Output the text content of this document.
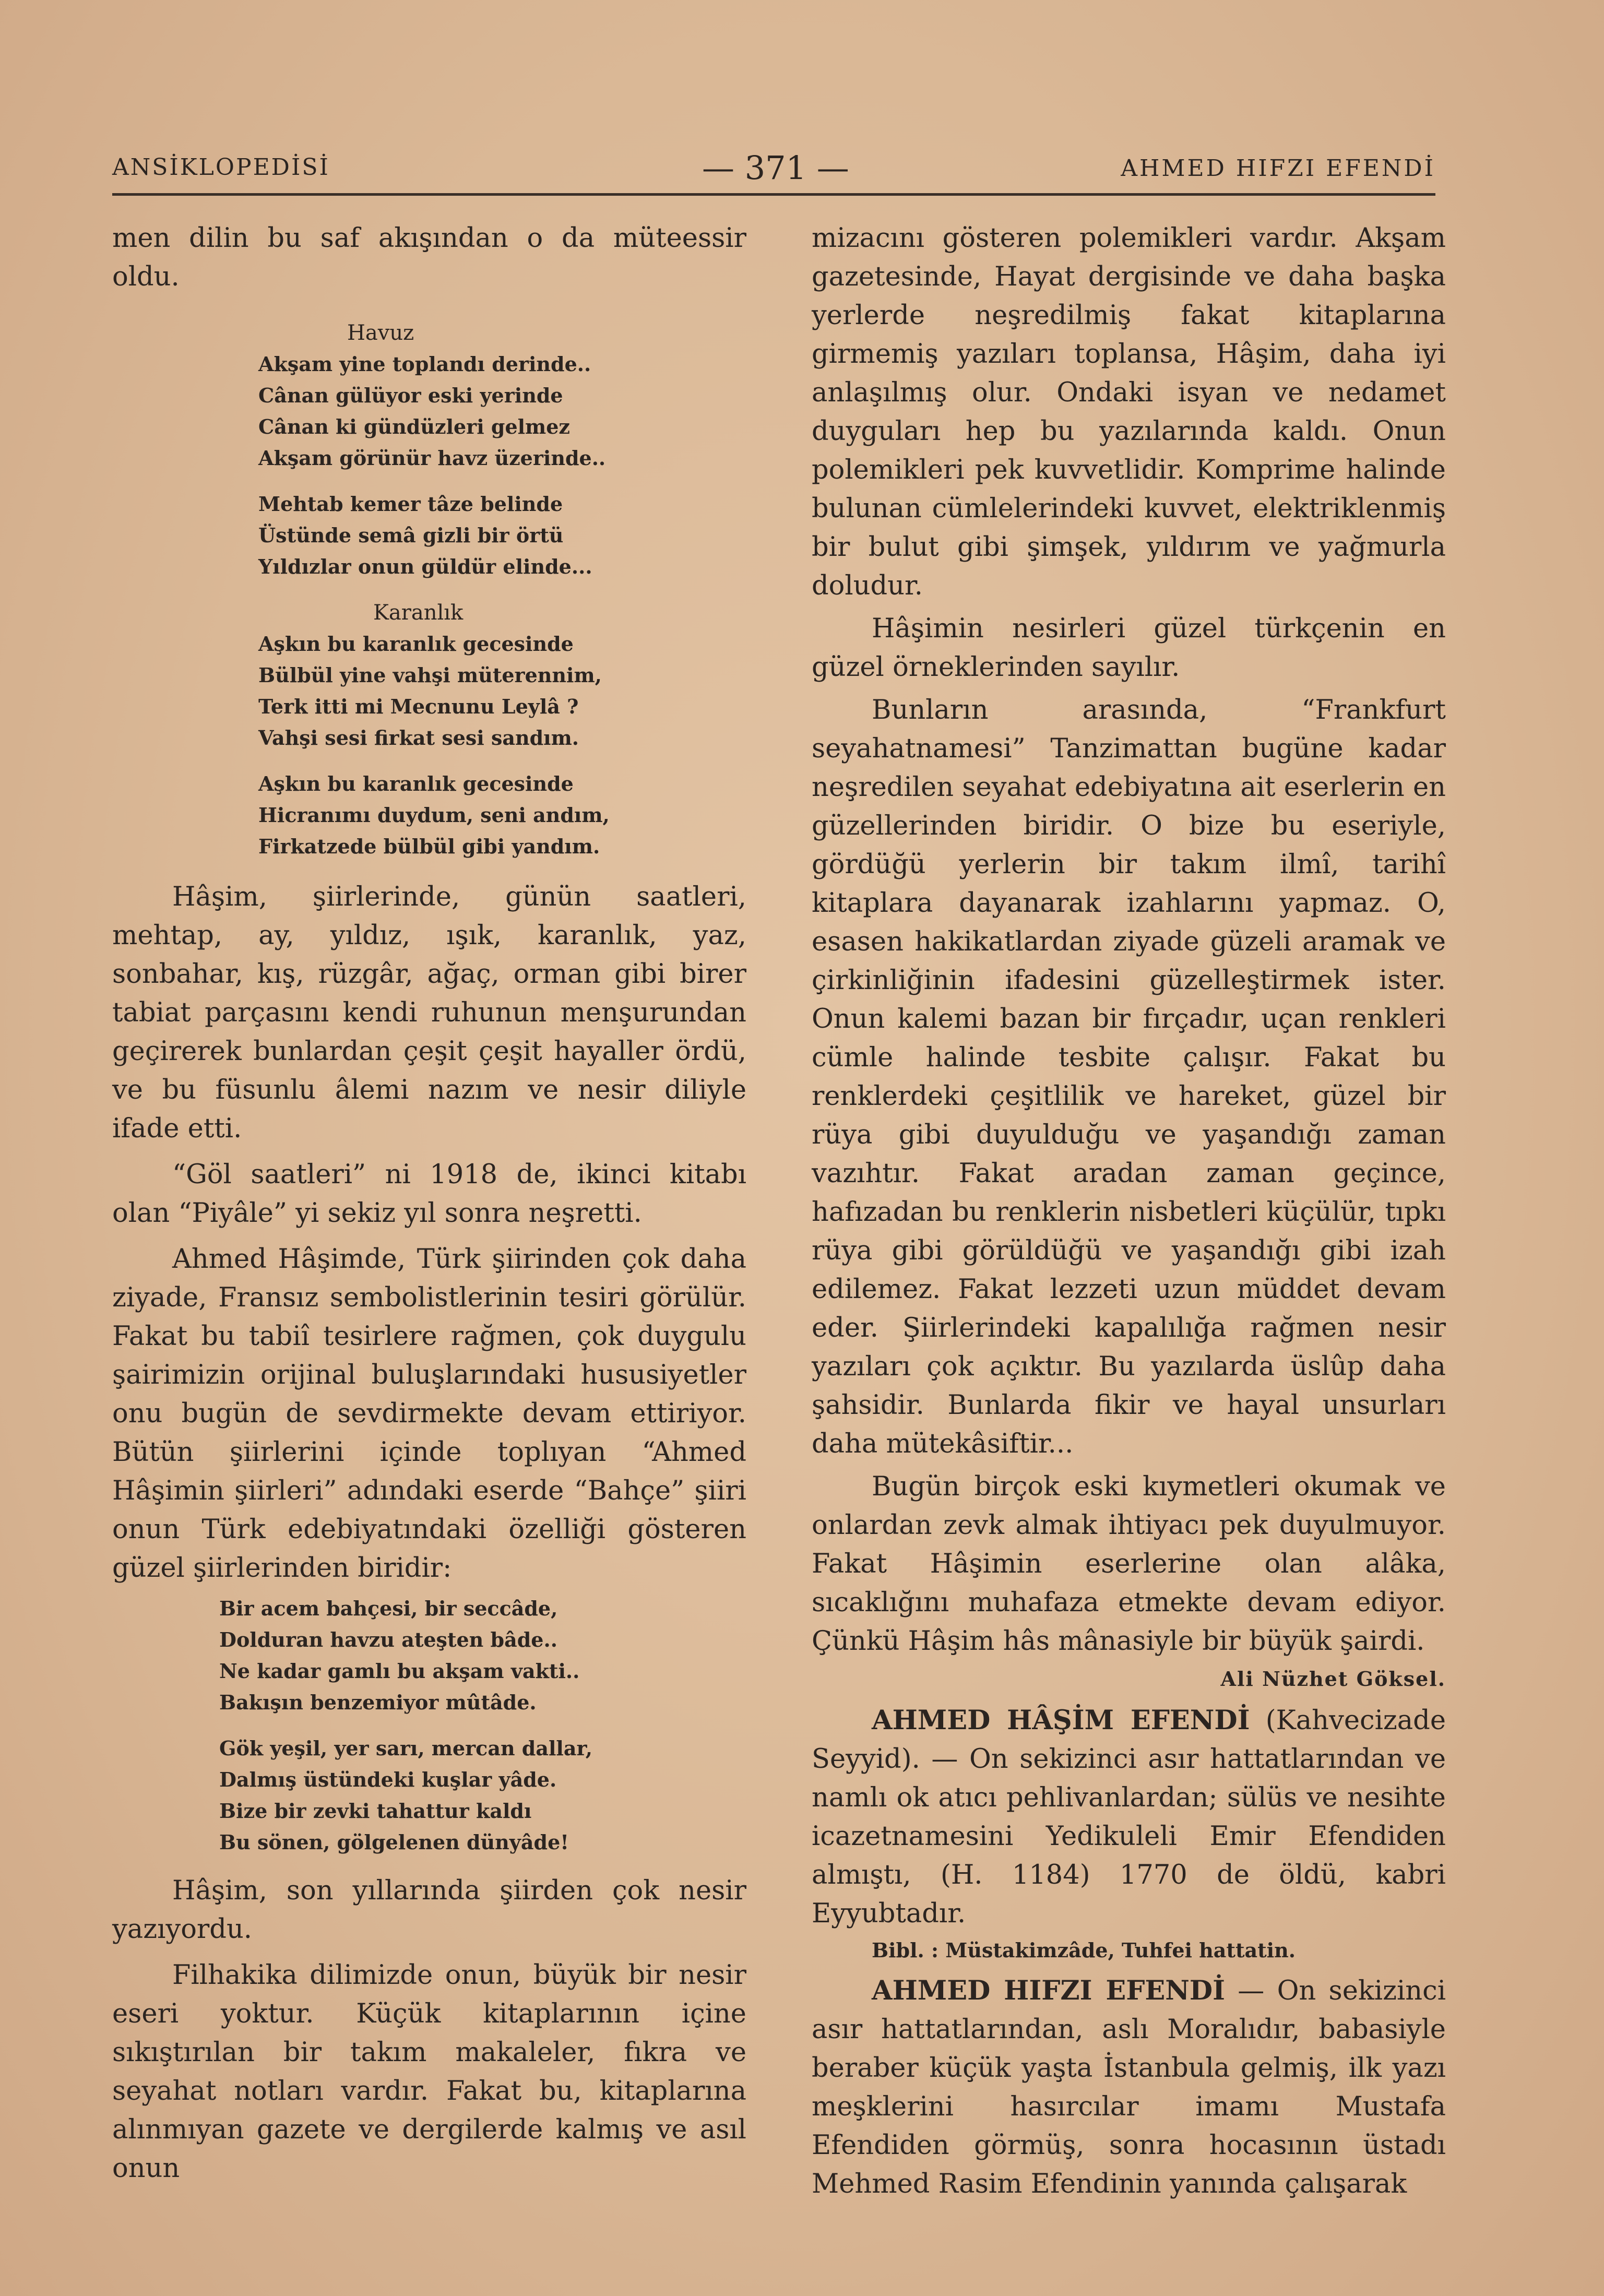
ANSİKLOPEDİSİ	— 371 —	AHMED HIFZI EFENDİ

men dilin bu saf akışından o da müteessir oldu.

Havuz
Akşam yine toplandı derinde..
Cânan gülüyor eski yerinde
Cânan ki gündüzleri gelmez
Akşam görünür havz üzerinde..
Mehtab kemer tâze belinde
Üstünde semâ gizli bir örtü
Yıldızlar onun güldür elinde...
Karanlık
Aşkın bu karanlık gecesinde
Bülbül yine vahşi müterennim,
Terk itti mi Mecnunu Leylâ ?
Vahşi sesi firkat sesi sandım.
Aşkın bu karanlık gecesinde
Hicranımı duydum, seni andım,
Firkatzede bülbül gibi yandım.

Hâşim, şiirlerinde, günün saatleri, mehtap, ay, yıldız, ışık, karanlık, yaz, sonbahar, kış, rüzgâr, ağaç, orman gibi birer tabiat parçasını kendi ruhunun menşurundan geçirerek bunlardan çeşit çeşit hayaller ördü, ve bu füsunlu âlemi nazım ve nesir diliyle ifade etti.

“Göl saatleri” ni 1918 de, ikinci kitabı olan “Piyâle” yi sekiz yıl sonra neşretti.

Ahmed Hâşimde, Türk şiirinden çok daha ziyade, Fransız sembolistlerinin tesiri görülür. Fakat bu tabiî tesirlere rağmen, çok duygulu şairimizin orijinal buluşlarındaki hususiyetler onu bugün de sevdirmekte devam ettiriyor. Bütün şiirlerini içinde toplıyan “Ahmed Hâşimin şiirleri” adındaki eserde “Bahçe” şiiri onun Türk edebiyatındaki özelliği gösteren güzel şiirlerinden biridir:

Bir acem bahçesi, bir seccâde,
Dolduran havzu ateşten bâde..
Ne kadar gamlı bu akşam vakti..
Bakışın benzemiyor mûtâde.
Gök yeşil, yer sarı, mercan dallar,
Dalmış üstündeki kuşlar yâde.
Bize bir zevki tahattur kaldı
Bu sönen, gölgelenen dünyâde!

Hâşim, son yıllarında şiirden çok nesir yazıyordu.

Filhakika dilimizde onun, büyük bir nesir eseri yoktur. Küçük kitaplarının içine sıkıştırılan bir takım makaleler, fıkra ve seyahat notları vardır. Fakat bu, kitaplarına alınmıyan gazete ve dergilerde kalmış ve asıl onun

mizacını gösteren polemikleri vardır. Akşam gazetesinde, Hayat dergisinde ve daha başka yerlerde neşredilmiş fakat kitaplarına girmemiş yazıları toplansa, Hâşim, daha iyi anlaşılmış olur. Ondaki isyan ve nedamet duyguları hep bu yazılarında kaldı. Onun polemikleri pek kuvvetlidir. Komprime halinde bulunan cümlelerindeki kuvvet, elektriklenmiş bir bulut gibi şimşek, yıldırım ve yağmurla doludur.

Hâşimin nesirleri güzel türkçenin en güzel örneklerinden sayılır.

Bunların arasında, “Frankfurt seyahatnamesi” Tanzimattan bugüne kadar neşredilen seyahat edebiyatına ait eserlerin en güzellerinden biridir. O bize bu eseriyle, gördüğü yerlerin bir takım ilmî, tarihî kitaplara dayanarak izahlarını yapmaz. O, esasen hakikatlardan ziyade güzeli aramak ve çirkinliğinin ifadesini güzelleştirmek ister. Onun kalemi bazan bir fırçadır, uçan renkleri cümle halinde tesbite çalışır. Fakat bu renklerdeki çeşitlilik ve hareket, güzel bir rüya gibi duyulduğu ve yaşandığı zaman vazıhtır. Fakat aradan zaman geçince, hafızadan bu renklerin nisbetleri küçülür, tıpkı rüya gibi görüldüğü ve yaşandığı gibi izah edilemez. Fakat lezzeti uzun müddet devam eder. Şiirlerindeki kapalılığa rağmen nesir yazıları çok açıktır. Bu yazılarda üslûp daha şahsidir. Bunlarda fikir ve hayal unsurları daha mütekâsiftir...

Bugün birçok eski kıymetleri okumak ve onlardan zevk almak ihtiyacı pek duyulmuyor. Fakat Hâşimin eserlerine olan alâka, sıcaklığını muhafaza etmekte devam ediyor. Çünkü Hâşim hâs mânasiyle bir büyük şairdi.

Ali Nüzhet Göksel.

AHMED HÂŞİM EFENDİ (Kahvecizade Seyyid). — On sekizinci asır hattatlarından ve namlı ok atıcı pehlivanlardan; sülüs ve nesihte icazetnamesini Yedikuleli Emir Efendiden almıştı, (H. 1184) 1770 de öldü, kabri Eyyubtadır.

Bibl. : Müstakimzâde, Tuhfei hattatin.

AHMED HIFZI EFENDİ — On sekizinci asır hattatlarından, aslı Moralıdır, babasiyle beraber küçük yaşta İstanbula gelmiş, ilk yazı meşklerini hasırcılar imamı Mustafa Efendiden görmüş, sonra hocasının üstadı Mehmed Rasim Efendinin yanında çalışarak
